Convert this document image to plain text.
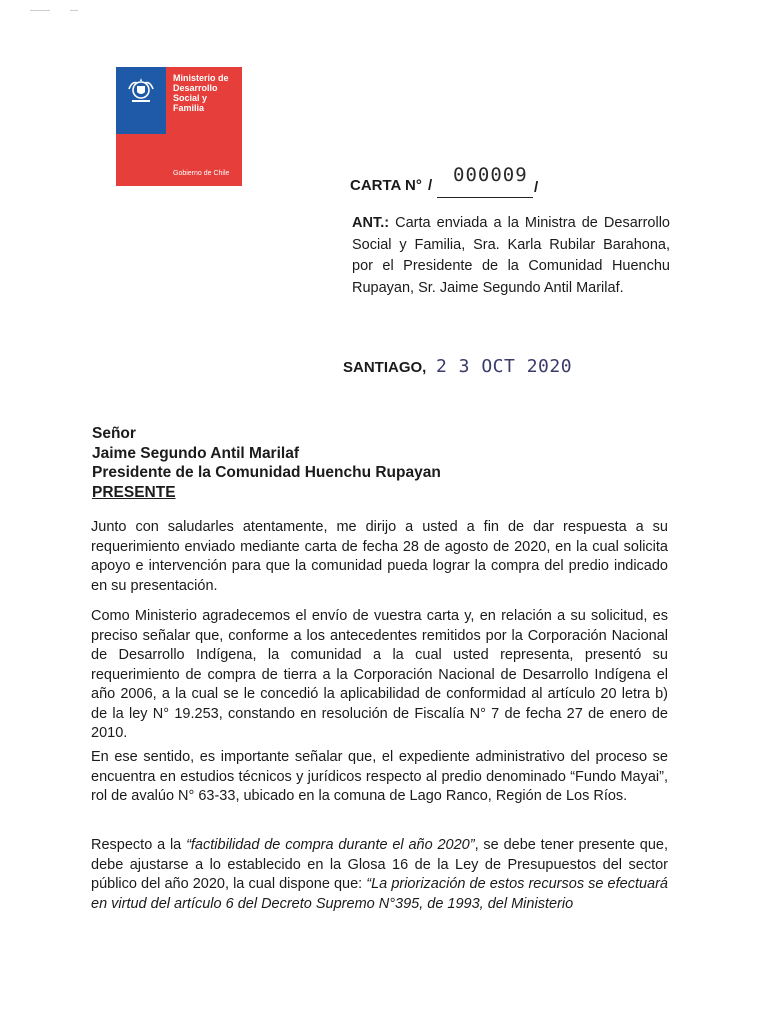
Ministerio de
Desarrollo
Social y
Familia
Gobierno de Chile
CARTA N° / 000009
/
ANT.: Carta enviada a la Ministra de Desarrollo Social y Familia, Sra. Karla Rubilar Barahona, por el Presidente de la Comunidad Huenchu Rupayan, Sr. Jaime Segundo Antil Marilaf.
SANTIAGO, 2 3 OCT 2020
Señor
Jaime Segundo Antil Marilaf
Presidente de la Comunidad Huenchu Rupayan
PRESENTE
Junto con saludarles atentamente, me dirijo a usted a fin de dar respuesta a su requerimiento enviado mediante carta de fecha 28 de agosto de 2020, en la cual solicita apoyo e intervención para que la comunidad pueda lograr la compra del predio indicado en su presentación.
Como Ministerio agradecemos el envío de vuestra carta y, en relación a su solicitud, es preciso señalar que, conforme a los antecedentes remitidos por la Corporación Nacional de Desarrollo Indígena, la comunidad a la cual usted representa, presentó su requerimiento de compra de tierra a la Corporación Nacional de Desarrollo Indígena el año 2006, a la cual se le concedió la aplicabilidad de conformidad al artículo 20 letra b) de la ley N° 19.253, constando en resolución de Fiscalía N° 7 de fecha 27 de enero de 2010.
En ese sentido, es importante señalar que, el expediente administrativo del proceso se encuentra en estudios técnicos y jurídicos respecto al predio denominado “Fundo Mayai”, rol de avalúo N° 63-33, ubicado en la comuna de Lago Ranco, Región de Los Ríos.
Respecto a la “factibilidad de compra durante el año 2020”, se debe tener presente que, debe ajustarse a lo establecido en la Glosa 16 de la Ley de Presupuestos del sector público del año 2020, la cual dispone que: “La priorización de estos recursos se efectuará en virtud del artículo 6 del Decreto Supremo N°395, de 1993, del Ministerio
